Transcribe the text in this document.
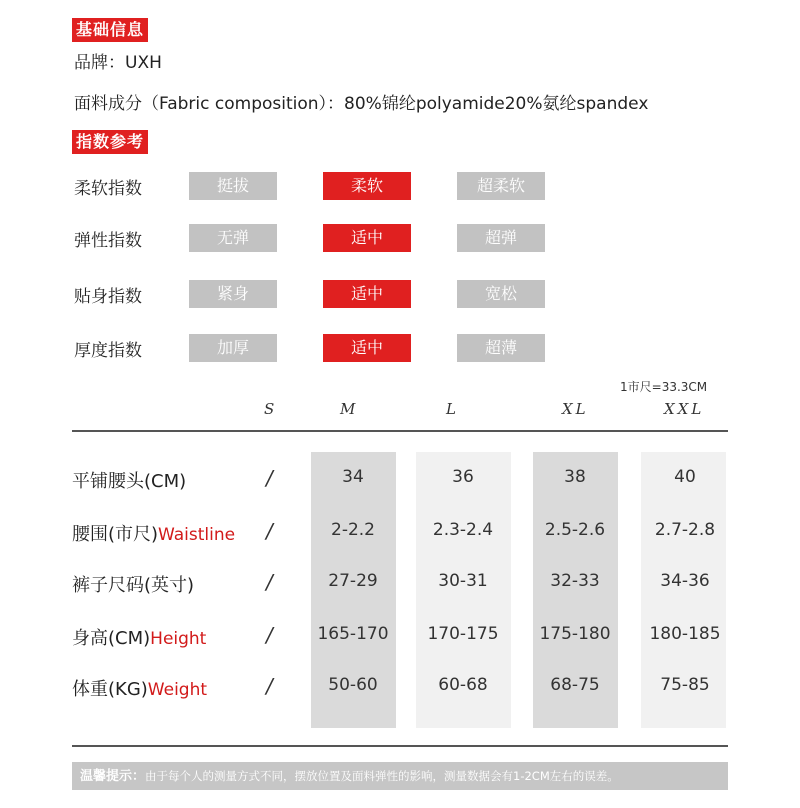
基础信息
品牌：UXH
面料成分（Fabric composition）：80%锦纶polyamide20%氨纶spandex
指数参考
柔软指数	挺拔	柔软	超柔软
弹性指数	无弹	适中	超弹
贴身指数	紧身	适中	宽松
厚度指数	加厚	适中	超薄
1市尺=33.3CM
S	M	L	XL	XXL
平铺腰头(CM)	/	34	36	38	40
腰围(市尺)Waistline /	2-2.2	2.3-2.4	2.5-2.6	2.7-2.8
裤子尺码(英寸)	/	27-29	30-31	32-33	34-36
身高(CM)Height	/	165-170	170-175	175-180	180-185
体重(KG)Weight	/	50-60	60-68	68-75	75-85
温馨提示：由于每个人的测量方式不同，摆放位置及面料弹性的影响，测量数据会有1-2CM左右的误差。
